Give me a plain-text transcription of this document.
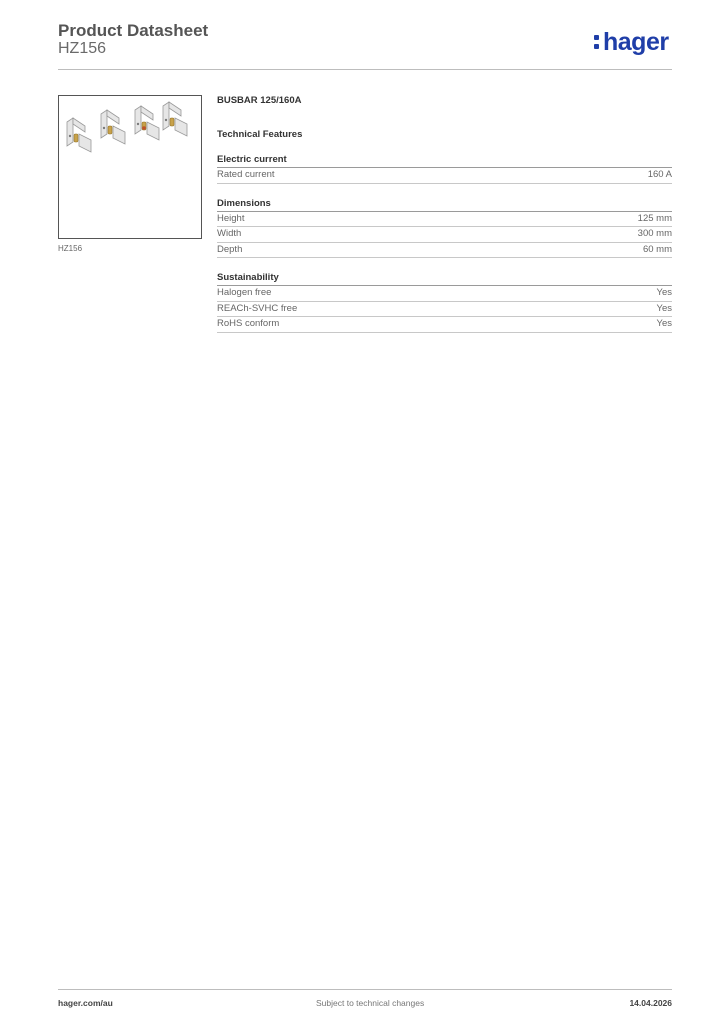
Product Datasheet
HZ156	hager
HZ156

BUSBAR 125/160A

Technical Features
Electric current
Rated current	160 A
Dimensions
Height	125 mm
Width	300 mm
Depth	60 mm
Sustainability
Halogen free	Yes
REACh-SVHC free	Yes
RoHS conform	Yes
hager.com/au	Subject to technical changes	14.04.2026
